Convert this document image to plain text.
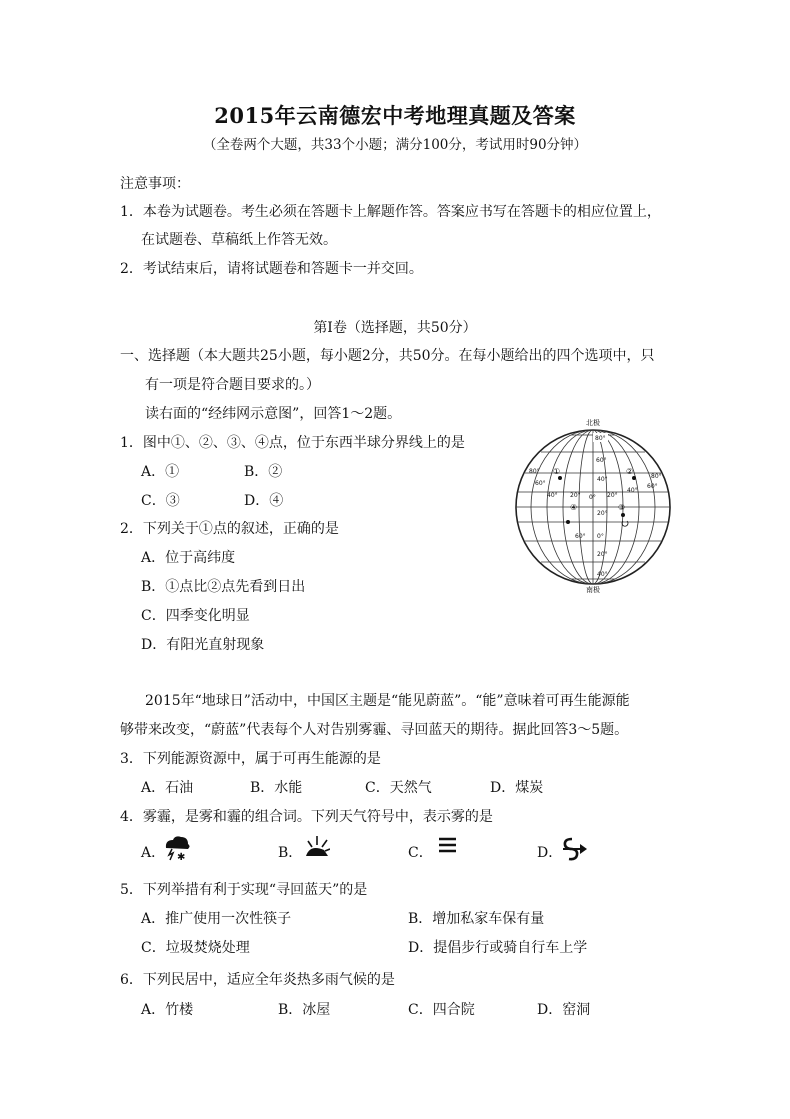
2015年云南德宏中考地理真题及答案
（全卷两个大题，共33个小题；满分100分，考试用时90分钟）
注意事项：
1．本卷为试题卷。考生必须在答题卡上解题作答。答案应书写在答题卡的相应位置上，
在试题卷、草稿纸上作答无效。
2．考试结束后，请将试题卷和答题卡一并交回。
第Ⅰ卷（选择题，共50分）
一、选择题（本大题共25小题，每小题2分，共50分。在每小题给出的四个选项中，只
有一项是符合题目要求的。）
读右面的“经纬网示意图”，回答1～2题。
北极
南极
80°
80°
60°
40° 20° 0° 20°
40°
60°
80°
60°
40°
20°
0°
20°
40°
60°
①	②
③
④
1．图中①、②、③、④点，位于东西半球分界线上的是
A．①	B．②
C．③	D．④
2．下列关于①点的叙述，正确的是
A．位于高纬度
B．①点比②点先看到日出
C．四季变化明显
D．有阳光直射现象
2015年“地球日”活动中，中国区主题是“能见蔚蓝”。“能”意味着可再生能源能
够带来改变，“蔚蓝”代表每个人对告别雾霾、寻回蓝天的期待。据此回答3～5题。
3．下列能源资源中，属于可再生能源的是
A．石油	B．水能	C．天然气	D．煤炭
4．雾霾，是雾和霾的组合词。下列天气符号中，表示雾的是
A．	B．	C．	D．
✱
5．下列举措有利于实现“寻回蓝天”的是
A．推广使用一次性筷子	B．增加私家车保有量
C．垃圾焚烧处理	D．提倡步行或骑自行车上学
6．下列民居中，适应全年炎热多雨气候的是
A．竹楼	B．冰屋	C．四合院	D．窑洞
